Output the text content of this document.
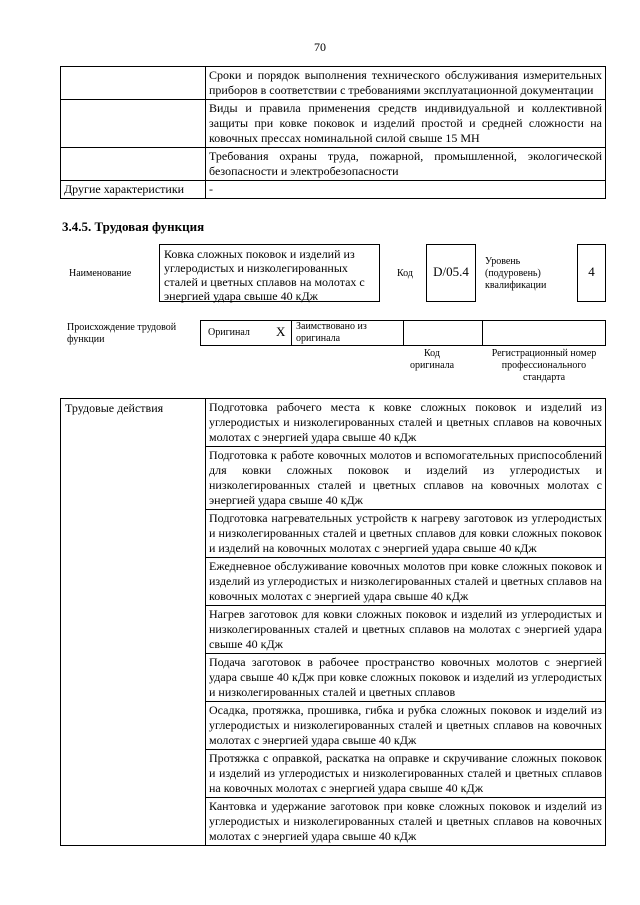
70
	Сроки и порядок выполнения технического обслуживания измерительных приборов в соответствии с требованиями эксплуатационной документации
	Виды и правила применения средств индивидуальной и коллективной защиты при ковке поковок и изделий простой и средней сложности на ковочных прессах номинальной силой свыше 15 МН
	Требования охраны труда, пожарной, промышленной, экологической безопасности и электробезопасности
Другие характеристики	-
3.4.5. Трудовая функция
Наименование
Ковка сложных поковок и изделий из углеродистых и низколегированных сталей и цветных сплавов на молотах с энергией удара свыше 40 кДж
Код	D/05.4
Уровень (подуровень) квалификации
4
Происхождение трудовой функции
Оригинал X Заимствовано из оригинала
Код оригинала
Регистрационный номер профессионального стандарта
Трудовые действия	Подготовка рабочего места к ковке сложных поковок и изделий из углеродистых и низколегированных сталей и цветных сплавов на ковочных молотах с энергией удара свыше 40 кДж
Подготовка к работе ковочных молотов и вспомогательных приспособлений для ковки сложных поковок и изделий из углеродистых и низколегированных сталей и цветных сплавов на ковочных молотах с энергией удара свыше 40 кДж
Подготовка нагревательных устройств к нагреву заготовок из углеродистых и низколегированных сталей и цветных сплавов для ковки сложных поковок и изделий на ковочных молотах с энергией удара свыше 40 кДж
Ежедневное обслуживание ковочных молотов при ковке сложных поковок и изделий из углеродистых и низколегированных сталей и цветных сплавов на ковочных молотах с энергией удара свыше 40 кДж
Нагрев заготовок для ковки сложных поковок и изделий из углеродистых и низколегированных сталей и цветных сплавов на молотах с энергией удара свыше 40 кДж
Подача заготовок в рабочее пространство ковочных молотов с энергией удара свыше 40 кДж при ковке сложных поковок и изделий из углеродистых и низколегированных сталей и цветных сплавов
Осадка, протяжка, прошивка, гибка и рубка сложных поковок и изделий из углеродистых и низколегированных сталей и цветных сплавов на ковочных молотах с энергией удара свыше 40 кДж
Протяжка с оправкой, раскатка на оправке и скручивание сложных поковок и изделий из углеродистых и низколегированных сталей и цветных сплавов на ковочных молотах с энергией удара свыше 40 кДж
Кантовка и удержание заготовок при ковке сложных поковок и изделий из углеродистых и низколегированных сталей и цветных сплавов на ковочных молотах с энергией удара свыше 40 кДж
